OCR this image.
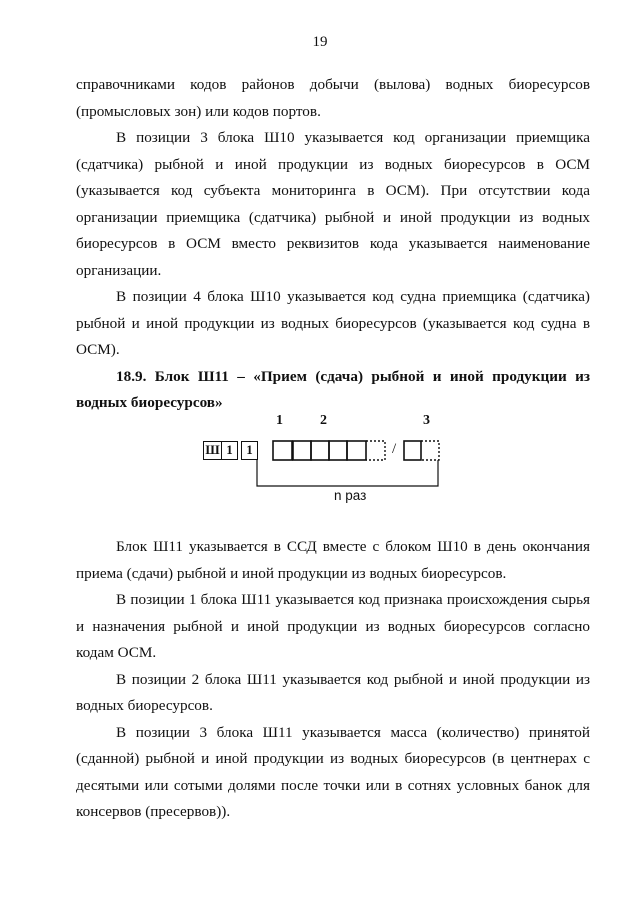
19

справочниками кодов районов добычи (вылова) водных биоресурсов (промысловых зон) или кодов портов.

В позиции 3 блока Ш10 указывается код организации приемщика (сдатчика) рыбной и иной продукции из водных биоресурсов в ОСМ (указывается код субъекта мониторинга в ОСМ). При отсутствии кода организации приемщика (сдатчика) рыбной и иной продукции из водных биоресурсов в ОСМ вместо реквизитов кода указывается наименование организации.

В позиции 4 блока Ш10 указывается код судна приемщика (сдатчика) рыбной и иной продукции из водных биоресурсов (указывается код судна в ОСМ).

18.9. Блок Ш11 – «Прием (сдача) рыбной и иной продукции из водных биоресурсов»

1	2	3
Ш 1	1	/
n раз

Блок Ш11 указывается в ССД вместе с блоком Ш10 в день окончания приема (сдачи) рыбной и иной продукции из водных биоресурсов.

В позиции 1 блока Ш11 указывается код признака происхождения сырья и назначения рыбной и иной продукции из водных биоресурсов согласно кодам ОСМ.

В позиции 2 блока Ш11 указывается код рыбной и иной продукции из водных биоресурсов.

В позиции 3 блока Ш11 указывается масса (количество) принятой (сданной) рыбной и иной продукции из водных биоресурсов (в центнерах с десятыми или сотыми долями после точки или в сотнях условных банок для консервов (пресервов)).
